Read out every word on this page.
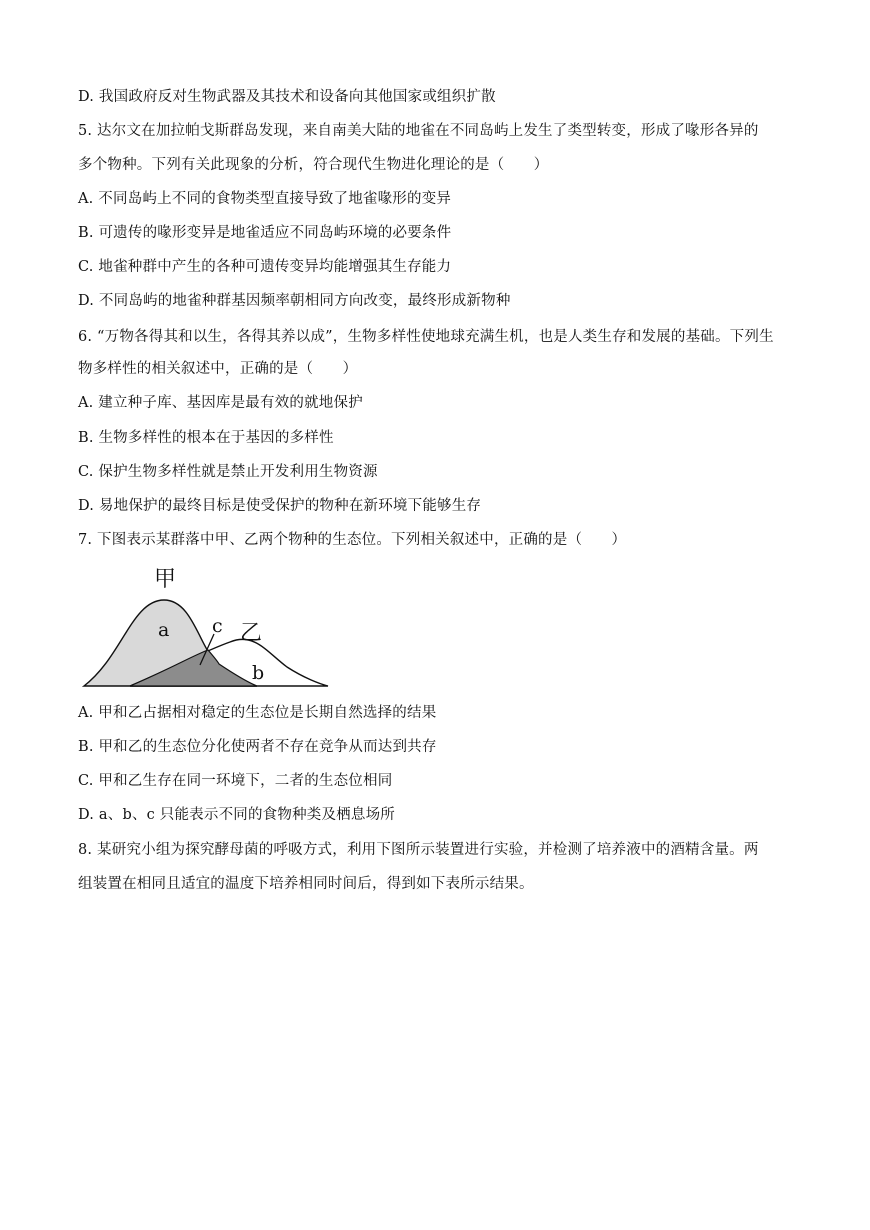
D. 我国政府反对生物武器及其技术和设备向其他国家或组织扩散
5. 达尔文在加拉帕戈斯群岛发现，来自南美大陆的地雀在不同岛屿上发生了类型转变，形成了喙形各异的
多个物种。下列有关此现象的分析，符合现代生物进化理论的是（　　）
A. 不同岛屿上不同的食物类型直接导致了地雀喙形的变异
B. 可遗传的喙形变异是地雀适应不同岛屿环境的必要条件
C. 地雀种群中产生的各种可遗传变异均能增强其生存能力
D. 不同岛屿的地雀种群基因频率朝相同方向改变，最终形成新物种
6. “万物各得其和以生，各得其养以成”，生物多样性使地球充满生机，也是人类生存和发展的基础。下列生
物多样性的相关叙述中，正确的是（　　）
A. 建立种子库、基因库是最有效的就地保护
B. 生物多样性的根本在于基因的多样性
C. 保护生物多样性就是禁止开发利用生物资源
D. 易地保护的最终目标是使受保护的物种在新环境下能够生存
7. 下图表示某群落中甲、乙两个物种的生态位。下列相关叙述中，正确的是（　　）
甲
乙
a
b
c
A. 甲和乙占据相对稳定的生态位是长期自然选择的结果
B. 甲和乙的生态位分化使两者不存在竞争从而达到共存
C. 甲和乙生存在同一环境下，二者的生态位相同
D. a、b、c 只能表示不同的食物种类及栖息场所
8. 某研究小组为探究酵母菌的呼吸方式，利用下图所示装置进行实验，并检测了培养液中的酒精含量。两
组装置在相同且适宜的温度下培养相同时间后，得到如下表所示结果。
